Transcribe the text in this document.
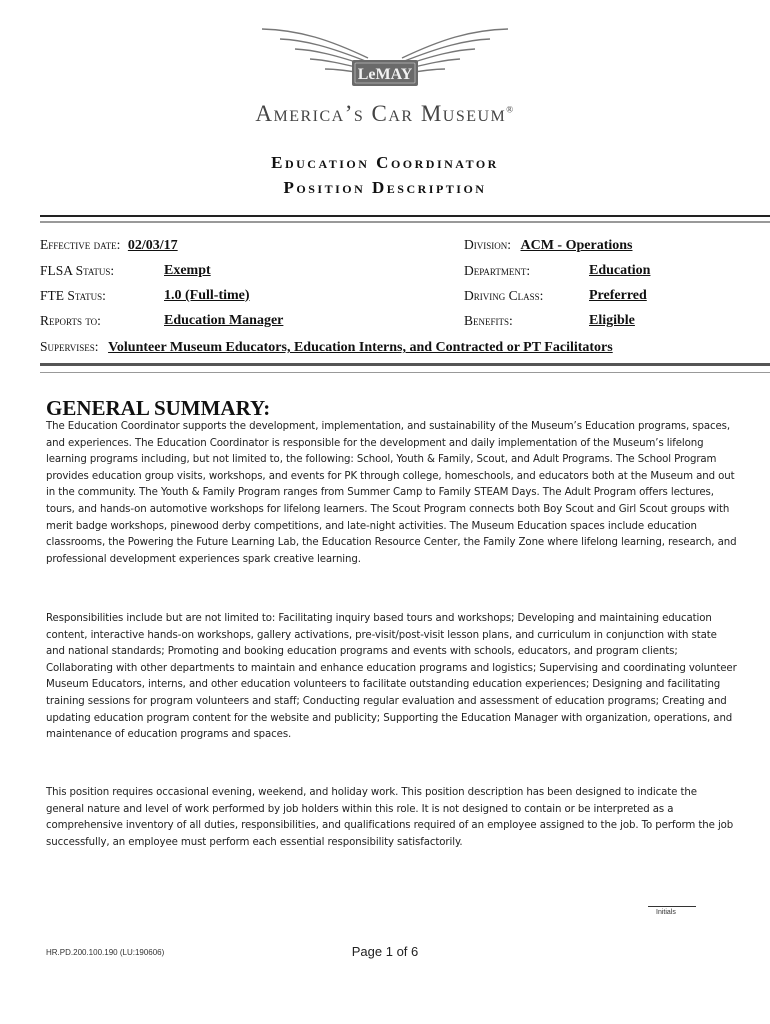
LeMAY
America’s Car Museum®
Education Coordinator
Position Description
Effective date: 02/03/17
FLSA Status:	Exempt
FTE Status:	1.0 (Full-time)
Reports to:	Education Manager
Division: ACM - Operations
Department:	Education
Driving Class:	Preferred
Benefits:	Eligible
Supervises: Volunteer Museum Educators, Education Interns, and Contracted or PT Facilitators
GENERAL SUMMARY:
The Education Coordinator supports the development, implementation, and sustainability of the Museum’s Education programs, spaces, and experiences. The Education Coordinator is responsible for the development and daily implementation of the Museum’s lifelong learning programs including, but not limited to, the following: School, Youth & Family, Scout, and Adult Programs. The School Program provides education group visits, workshops, and events for PK through college, homeschools, and educators both at the Museum and out in the community. The Youth & Family Program ranges from Summer Camp to Family STEAM Days. The Adult Program offers lectures, tours, and hands-on automotive workshops for lifelong learners. The Scout Program connects both Boy Scout and Girl Scout groups with merit badge workshops, pinewood derby competitions, and late-night activities. The Museum Education spaces include education classrooms, the Powering the Future Learning Lab, the Education Resource Center, the Family Zone where lifelong learning, research, and professional development experiences spark creative learning.
Responsibilities include but are not limited to: Facilitating inquiry based tours and workshops; Developing and maintaining education content, interactive hands-on workshops, gallery activations, pre-visit/post-visit lesson plans, and curriculum in conjunction with state and national standards; Promoting and booking education programs and events with schools, educators, and program clients; Collaborating with other departments to maintain and enhance education programs and logistics; Supervising and coordinating volunteer Museum Educators, interns, and other education volunteers to facilitate outstanding education experiences; Designing and facilitating training sessions for program volunteers and staff; Conducting regular evaluation and assessment of education programs; Creating and updating education program content for the website and publicity; Supporting the Education Manager with organization, operations, and maintenance of education programs and spaces.
This position requires occasional evening, weekend, and holiday work. This position description has been designed to indicate the general nature and level of work performed by job holders within this role. It is not designed to contain or be interpreted as a comprehensive inventory of all duties, responsibilities, and qualifications required of an employee assigned to the job. To perform the job successfully, an employee must perform each essential responsibility satisfactorily.
Initials
HR.PD.200.100.190 (LU:190606)	Page 1 of 6
